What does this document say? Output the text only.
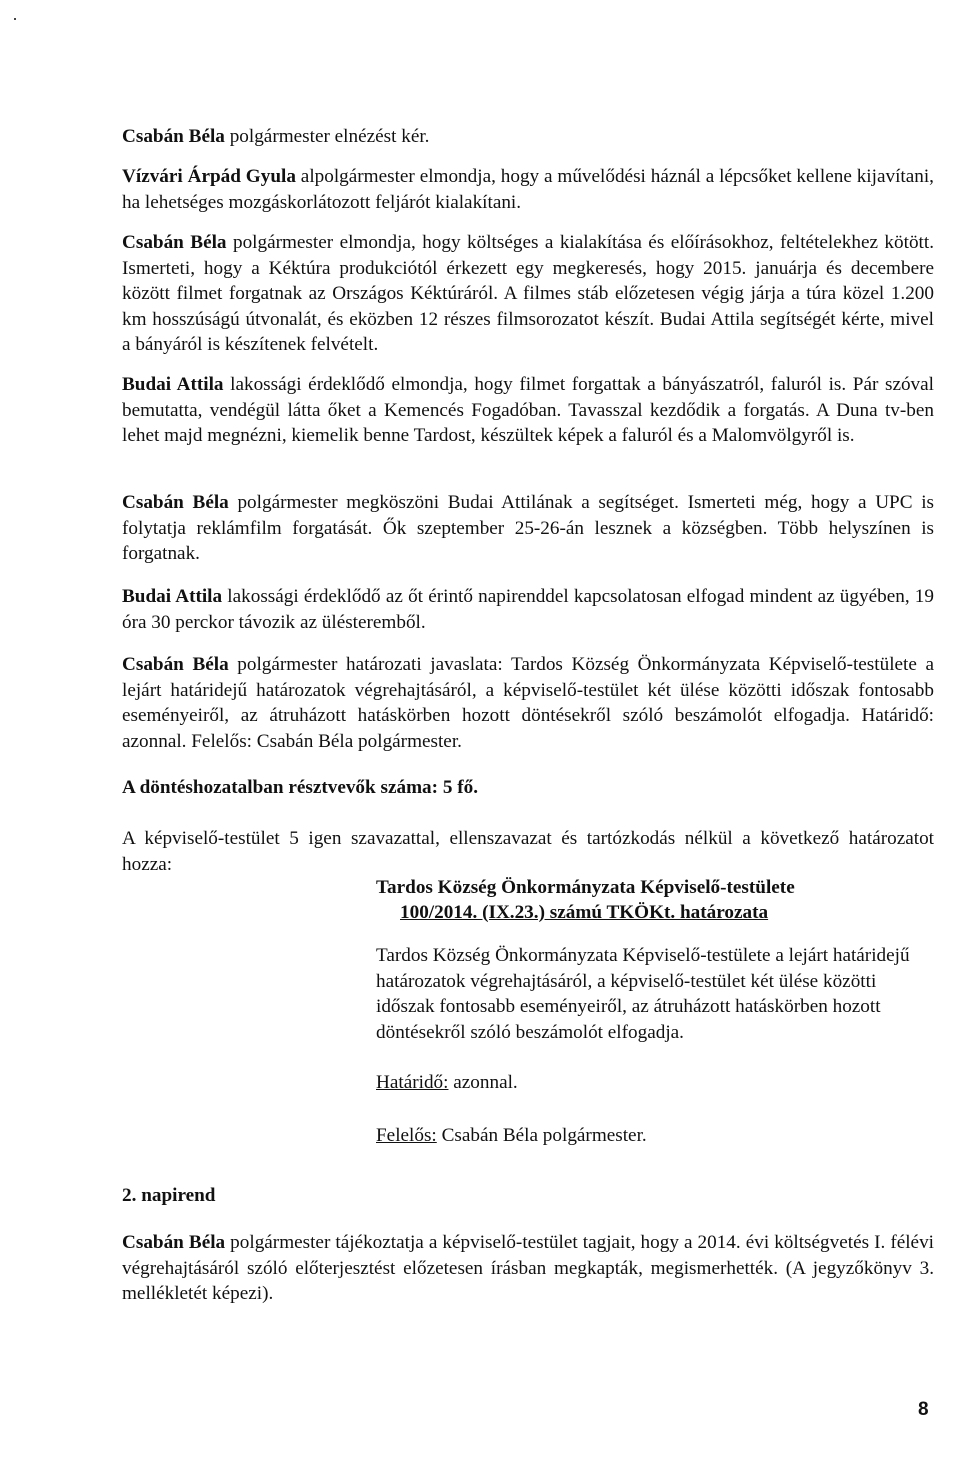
Csabán Béla polgármester elnézést kér.

Vízvári Árpád Gyula alpolgármester elmondja, hogy a művelődési háznál a lépcsőket kellene kijavítani, ha lehetséges mozgáskorlátozott feljárót kialakítani.

Csabán Béla polgármester elmondja, hogy költséges a kialakítása és előírásokhoz, feltételekhez kötött. Ismerteti, hogy a Kéktúra produkciótól érkezett egy megkeresés, hogy 2015. januárja és decembere között filmet forgatnak az Országos Kéktúráról. A filmes stáb előzetesen végig járja a túra közel 1.200 km hosszúságú útvonalát, és eközben 12 részes filmsorozatot készít. Budai Attila segítségét kérte, mivel a bányáról is készítenek felvételt.

Budai Attila lakossági érdeklődő elmondja, hogy filmet forgattak a bányászatról, faluról is. Pár szóval bemutatta, vendégül látta őket a Kemencés Fogadóban. Tavasszal kezdődik a forgatás. A Duna tv-ben lehet majd megnézni, kiemelik benne Tardost, készültek képek a faluról és a Malomvölgyről is.

Csabán Béla polgármester megköszöni Budai Attilának a segítséget. Ismerteti még, hogy a UPC is folytatja reklámfilm forgatását. Ők szeptember 25-26-án lesznek a községben. Több helyszínen is forgatnak.

Budai Attila lakossági érdeklődő az őt érintő napirenddel kapcsolatosan elfogad mindent az ügyében, 19 óra 30 perckor távozik az ülésteremből.

Csabán Béla polgármester határozati javaslata: Tardos Község Önkormányzata Képviselő-testülete a lejárt határidejű határozatok végrehajtásáról, a képviselő-testület két ülése közötti időszak fontosabb eseményeiről, az átruházott hatáskörben hozott döntésekről szóló beszámolót elfogadja. Határidő: azonnal. Felelős: Csabán Béla polgármester.

A döntéshozatalban résztvevők száma: 5 fő.

A képviselő-testület 5 igen szavazattal, ellenszavazat és tartózkodás nélkül a következő határozatot hozza:

Tardos Község Önkormányzata Képviselő-testülete
100/2014. (IX.23.) számú TKÖKt. határozata

Tardos Község Önkormányzata Képviselő-testülete a lejárt határidejű határozatok végrehajtásáról, a képviselő-testület két ülése közötti időszak fontosabb eseményeiről, az átruházott hatáskörben hozott döntésekről szóló beszámolót elfogadja.

Határidő: azonnal.

Felelős: Csabán Béla polgármester.

2. napirend

Csabán Béla polgármester tájékoztatja a képviselő-testület tagjait, hogy a 2014. évi költségvetés I. félévi végrehajtásáról szóló előterjesztést előzetesen írásban megkapták, megismerhették. (A jegyzőkönyv 3. mellékletét képezi).

8
